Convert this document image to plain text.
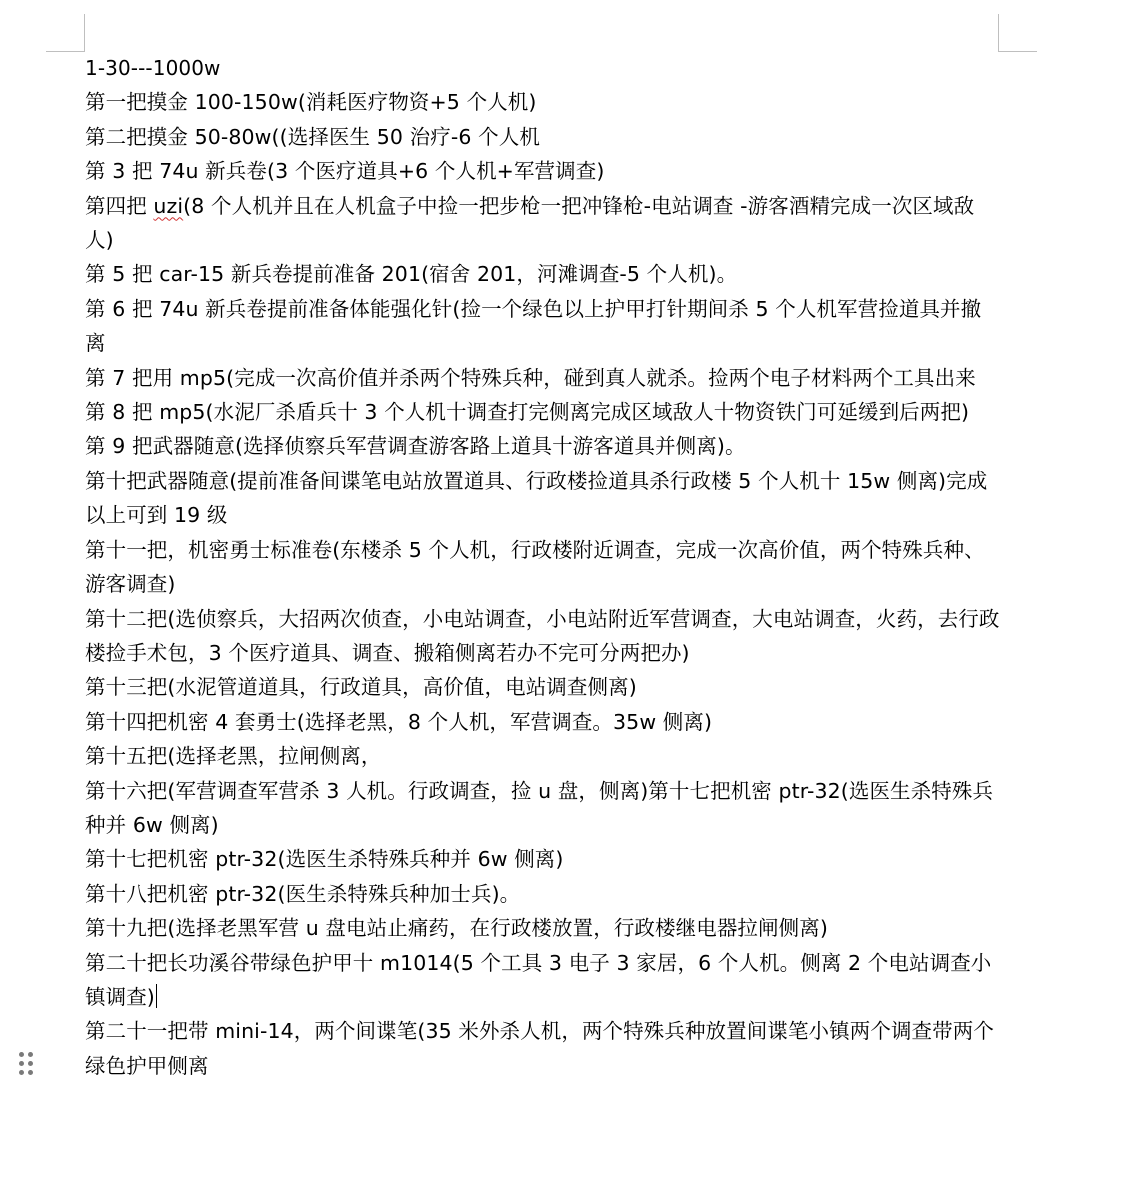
1-30---1000w

第一把摸金 100-150w(消耗医疗物资+5 个人机)

第二把摸金 50-80w((选择医生 50 治疗-6 个人机

第 3 把 74u 新兵卷(3 个医疗道具+6 个人机+军营调查)

第四把 uzi(8 个人机并且在人机盒子中捡一把步枪一把冲锋枪-电站调查 -游客酒精完成一次区域敌人)

第 5 把 car-15 新兵卷提前准备 201(宿舍 201，河滩调查-5 个人机)。

第 6 把 74u 新兵卷提前准备体能强化针(捡一个绿色以上护甲打针期间杀 5 个人机军营捡道具并撤离

第 7 把用 mp5(完成一次高价值并杀两个特殊兵种，碰到真人就杀。捡两个电子材料两个工具出来

第 8 把 mp5(水泥厂杀盾兵十 3 个人机十调查打完侧离完成区域敌人十物资铁门可延缓到后两把)

第 9 把武器随意(选择侦察兵军营调查游客路上道具十游客道具并侧离)。

第十把武器随意(提前准备间谍笔电站放置道具、行政楼捡道具杀行政楼 5 个人机十 15w 侧离)完成以上可到 19 级

第十一把，机密勇士标准卷(东楼杀 5 个人机，行政楼附近调查，完成一次高价值，两个特殊兵种、游客调查)

第十二把(选侦察兵，大招两次侦查，小电站调查，小电站附近军营调查，大电站调查，火药，去行政楼捡手术包，3 个医疗道具、调查、搬箱侧离若办不完可分两把办)

第十三把(水泥管道道具，行政道具，高价值，电站调查侧离)

第十四把机密 4 套勇士(选择老黑，8 个人机，军营调查。35w 侧离)

第十五把(选择老黑，拉闸侧离，

第十六把(军营调查军营杀 3 人机。行政调查，捡 u 盘，侧离)第十七把机密 ptr-32(选医生杀特殊兵种并 6w 侧离)

第十七把机密 ptr-32(选医生杀特殊兵种并 6w 侧离)

第十八把机密 ptr-32(医生杀特殊兵种加士兵)。

第十九把(选择老黑军营 u 盘电站止痛药，在行政楼放置，行政楼继电器拉闸侧离)

第二十把长功溪谷带绿色护甲十 m1014(5 个工具 3 电子 3 家居，6 个人机。侧离 2 个电站调查小镇调查)

第二十一把带 mini-14，两个间谍笔(35 米外杀人机，两个特殊兵种放置间谍笔小镇两个调查带两个绿色护甲侧离
